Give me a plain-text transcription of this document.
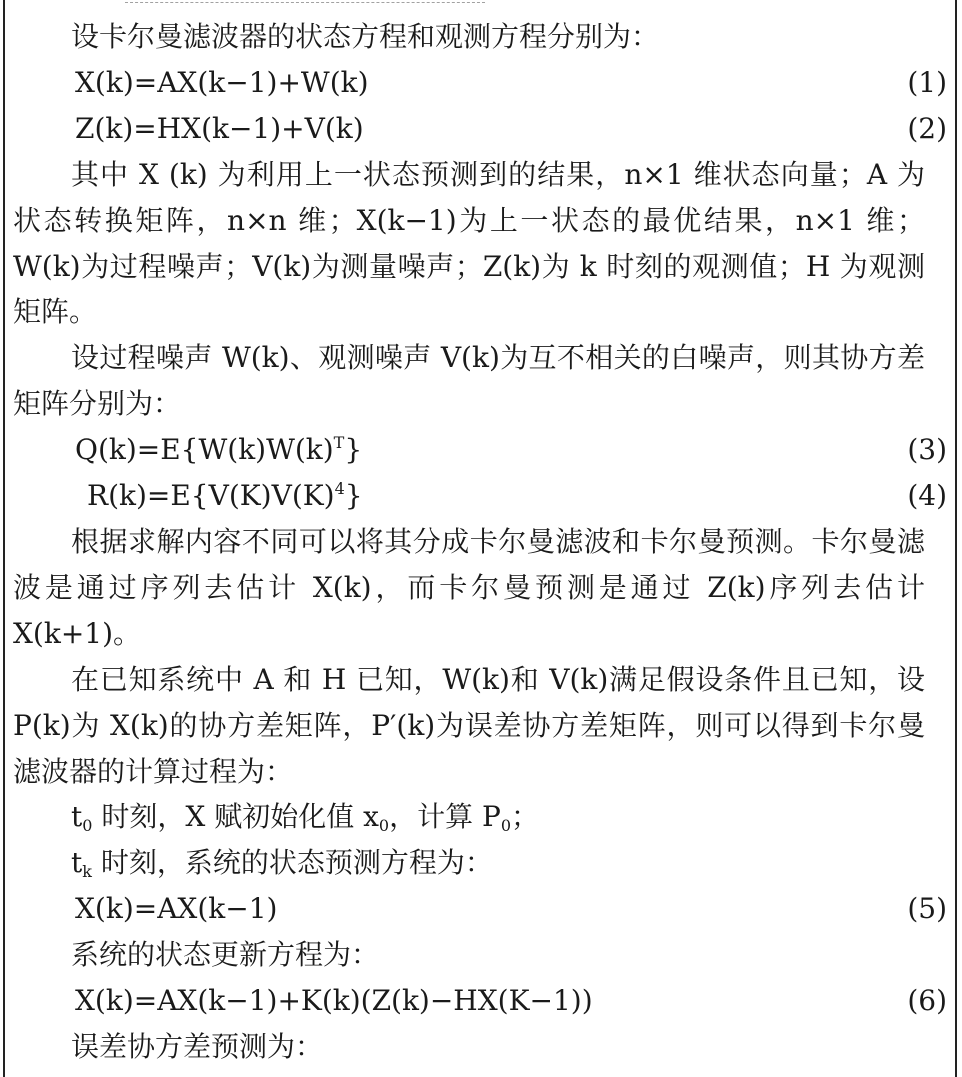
设卡尔曼滤波器的状态方程和观测方程分别为：

X(k)=AX(k−1)+W(k)	(1)
Z(k)=HX(k−1)+V(k)	(2)

其中 X (k) 为利用上一状态预测到的结果，n×1 维状态向量；A 为状态转换矩阵，n×n 维；X(k−1)为上一状态的最优结果，n×1 维；W(k)为过程噪声；V(k)为测量噪声；Z(k)为 k 时刻的观测值；H 为观测矩阵。

设过程噪声 W(k)、观测噪声 V(k)为互不相关的白噪声，则其协方差矩阵分别为：

$Q(k)=E\{W(k)W(k)^T\}$	(3)
$R(k)=E\{V(K)V(K)^4\}$	(4)

根据求解内容不同可以将其分成卡尔曼滤波和卡尔曼预测。卡尔曼滤波是通过序列去估计 X(k)，而卡尔曼预测是通过 Z(k)序列去估计 X(k+1)。

在已知系统中 A 和 H 已知，W(k)和 V(k)满足假设条件且已知，设 P(k)为 X(k)的协方差矩阵，P′(k)为误差协方差矩阵，则可以得到卡尔曼滤波器的计算过程为：

$t_0$ 时刻，X 赋初始化值 $x_0$，计算 $P_0$；
$t_k$ 时刻，系统的状态预测方程为：
X(k)=AX(k−1)	(5)
系统的状态更新方程为：
X(k)=AX(k−1)+K(k)(Z(k)−HX(K−1))	(6)
误差协方差预测为：
